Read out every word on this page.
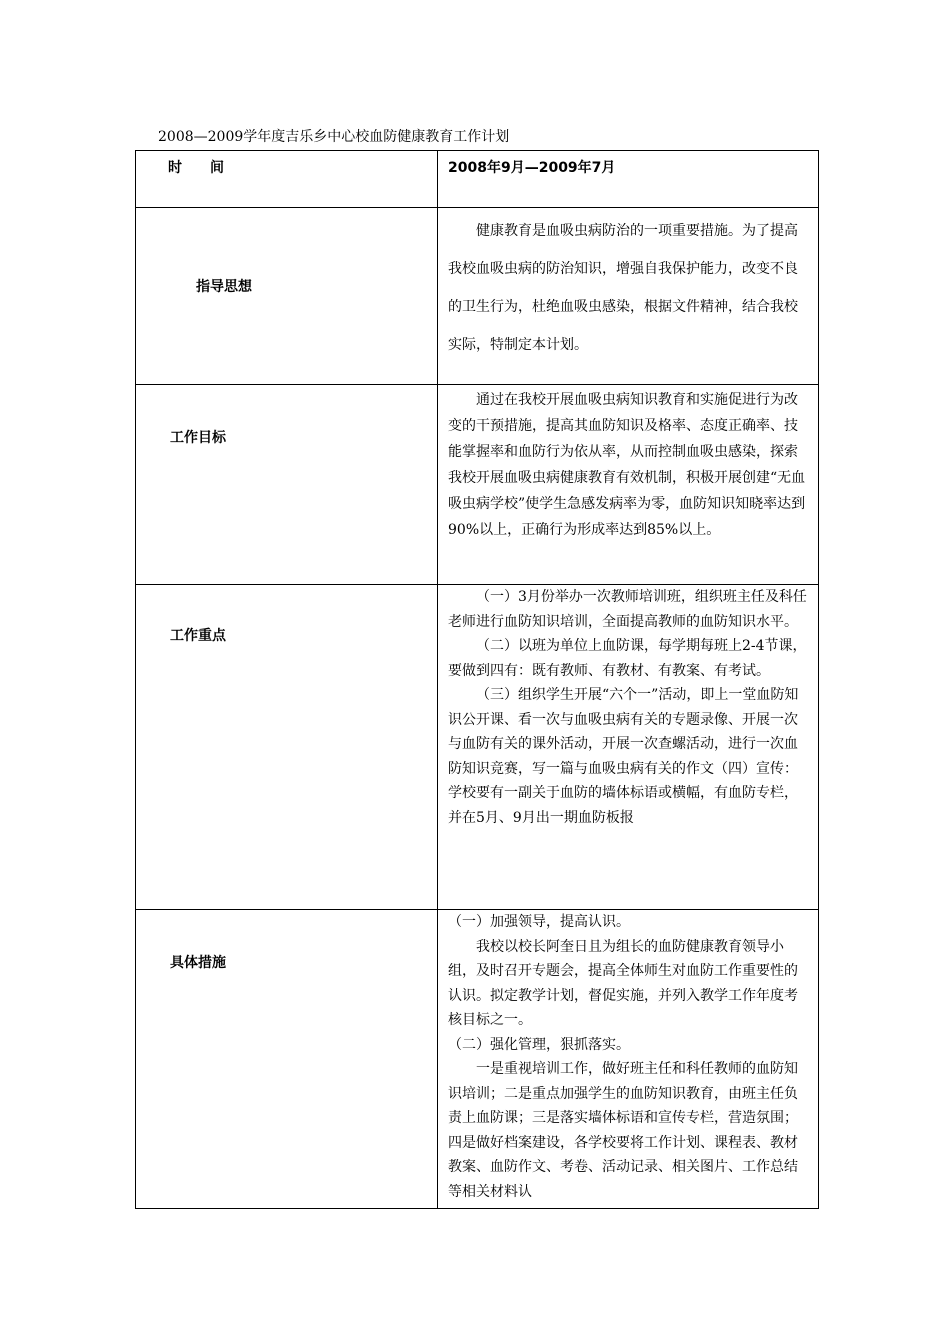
2008—2009学年度吉乐乡中心校血防健康教育工作计划
时　　间	2008年9月—2009年7月

指导思想	健康教育是血吸虫病防治的一项重要措施。为了提高我校血吸虫病的防治知识，增强自我保护能力，改变不良的卫生行为，杜绝血吸虫感染，根据文件精神，结合我校实际，特制定本计划。

工作目标	通过在我校开展血吸虫病知识教育和实施促进行为改变的干预措施，提高其血防知识及格率、态度正确率、技能掌握率和血防行为依从率，从而控制血吸虫感染，探索我校开展血吸虫病健康教育有效机制，积极开展创建“无血吸虫病学校”使学生急感发病率为零，血防知识知晓率达到90%以上，正确行为形成率达到85%以上。

工作重点	（一）3月份举办一次教师培训班，组织班主任及科任老师进行血防知识培训，全面提高教师的血防知识水平。

（二）以班为单位上血防课，每学期每班上2-4节课，要做到四有：既有教师、有教材、有教案、有考试。

（三）组织学生开展“六个一”活动，即上一堂血防知识公开课、看一次与血吸虫病有关的专题录像、开展一次与血防有关的课外活动，开展一次查螺活动，进行一次血防知识竞赛，写一篇与血吸虫病有关的作文（四）宣传：学校要有一副关于血防的墙体标语或横幅，有血防专栏，并在5月、9月出一期血防板报

具体措施	（一）加强领导，提高认识。

我校以校长阿奎日且为组长的血防健康教育领导小组，及时召开专题会，提高全体师生对血防工作重要性的认识。拟定教学计划，督促实施，并列入教学工作年度考核目标之一。

（二）强化管理，狠抓落实。

一是重视培训工作，做好班主任和科任教师的血防知识培训；二是重点加强学生的血防知识教育，由班主任负责上血防课；三是落实墙体标语和宣传专栏，营造氛围；四是做好档案建设，各学校要将工作计划、课程表、教材教案、血防作文、考卷、活动记录、相关图片、工作总结等相关材料认
